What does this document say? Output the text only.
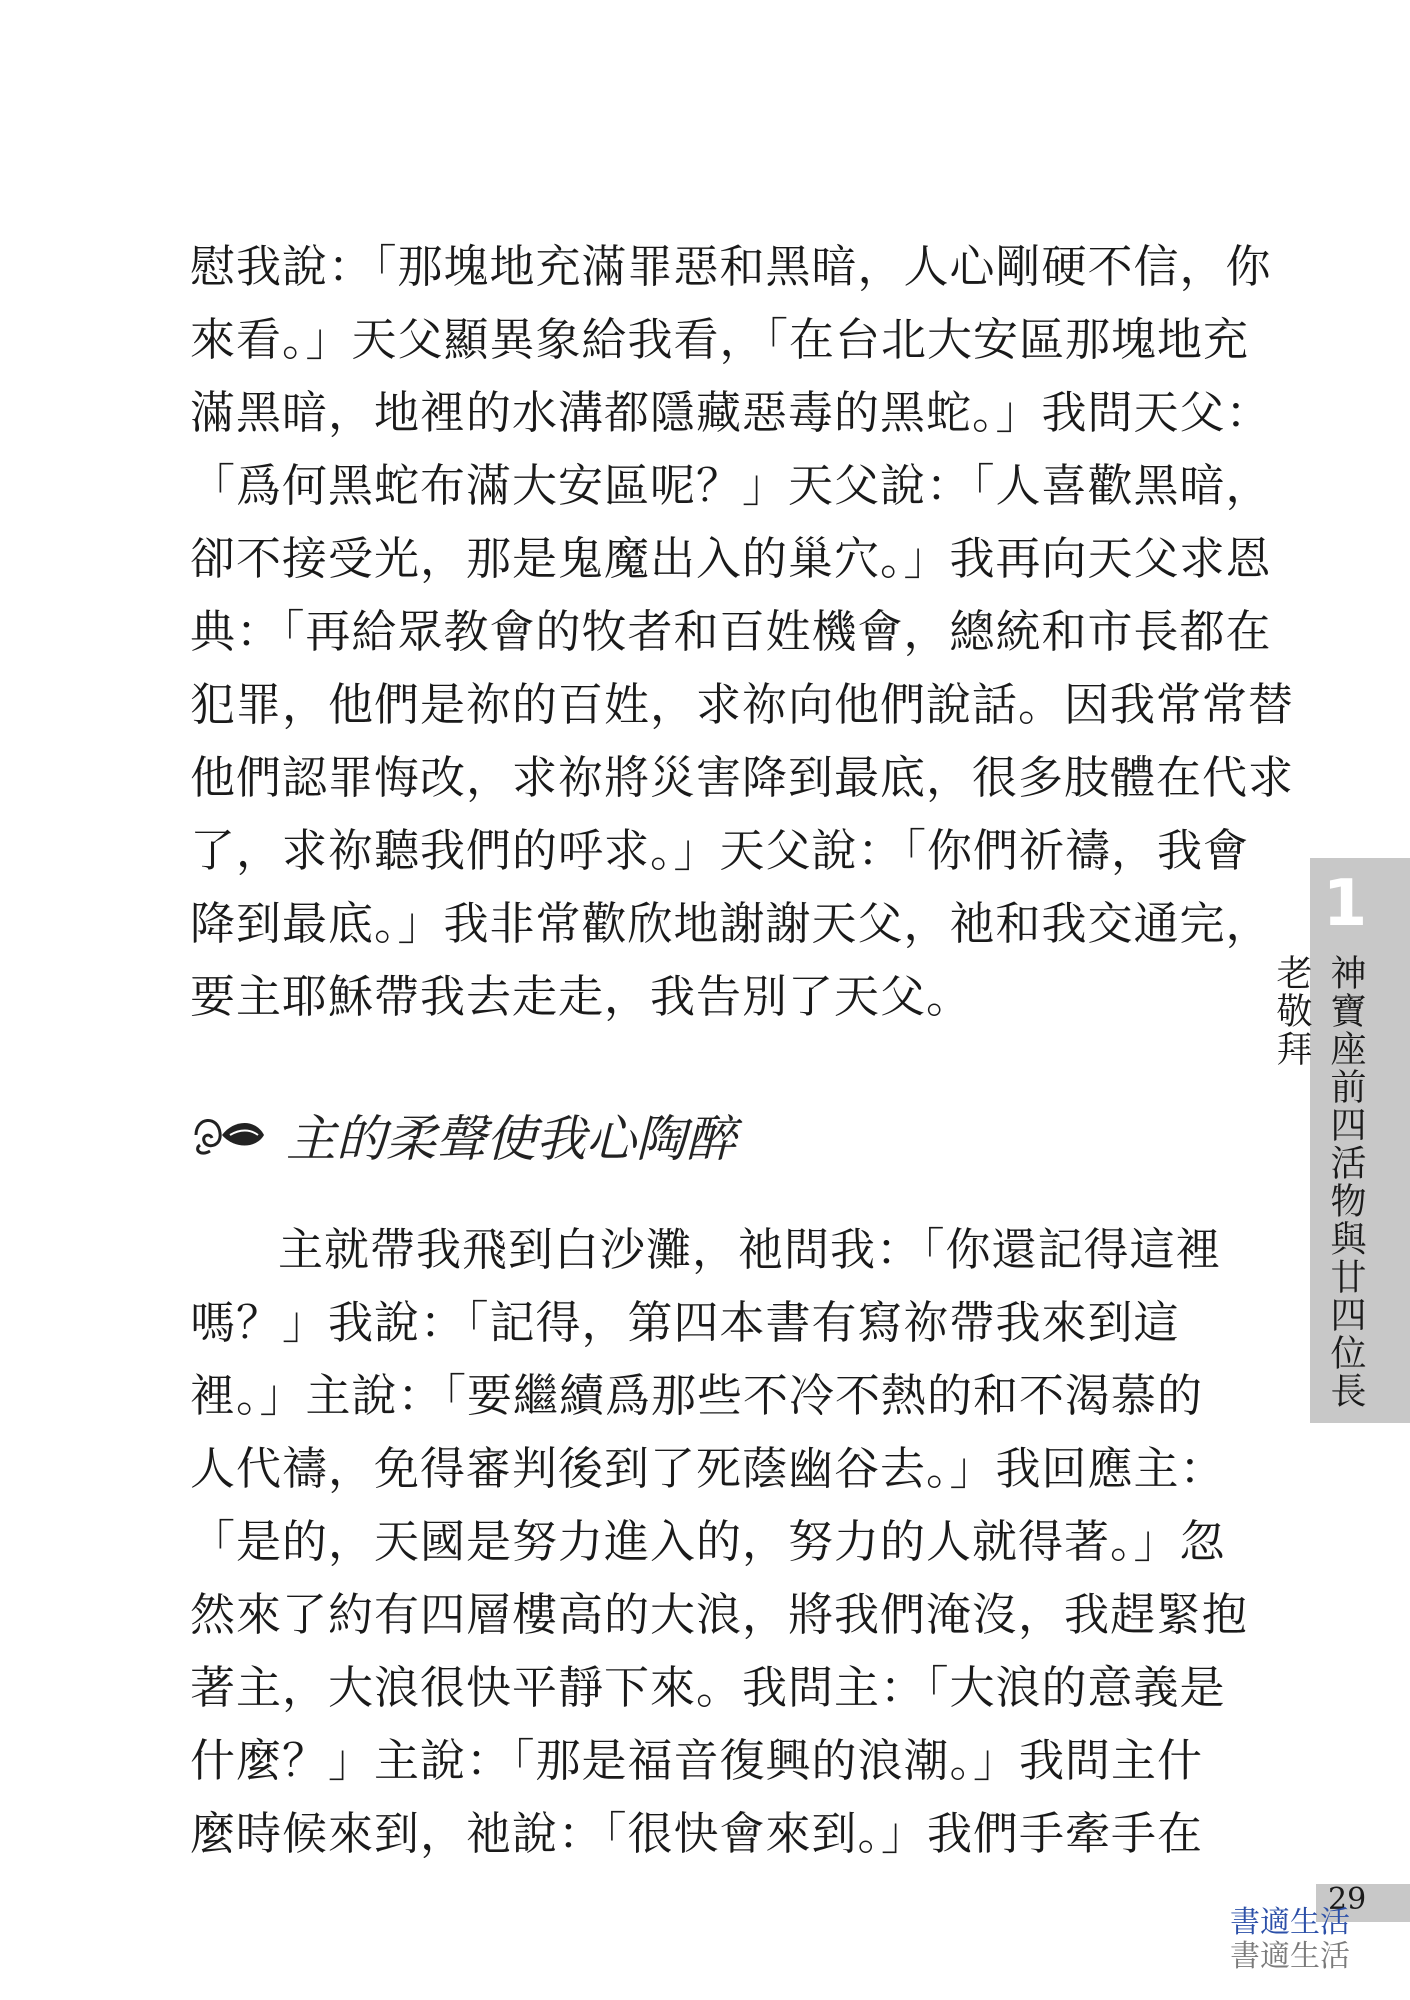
慰我說：「那塊地充滿罪惡和黑暗，人心剛硬不信，你
來看。」天父顯異象給我看，「在台北大安區那塊地充
滿黑暗，地裡的水溝都隱藏惡毒的黑蛇。」我問天父：
「爲何黑蛇布滿大安區呢？」天父說：「人喜歡黑暗，
卻不接受光，那是鬼魔出入的巢穴。」我再向天父求恩
典：「再給眾教會的牧者和百姓機會，總統和市長都在
犯罪，他們是祢的百姓，求祢向他們說話。因我常常替
他們認罪悔改，求祢將災害降到最底，很多肢體在代求
了，求祢聽我們的呼求。」天父說：「你們祈禱，我會
降到最底。」我非常歡欣地謝謝天父，祂和我交通完，
要主耶穌帶我去走走，我告別了天父。
主的柔聲使我心陶醉
主就帶我飛到白沙灘，祂問我：「你還記得這裡
嗎？」我說：「記得，第四本書有寫祢帶我來到這
裡。」主說：「要繼續爲那些不冷不熱的和不渴慕的
人代禱，免得審判後到了死蔭幽谷去。」我回應主：
「是的，天國是努力進入的，努力的人就得著。」忽
然來了約有四層樓高的大浪，將我們淹沒，我趕緊抱
著主，大浪很快平靜下來。我問主：「大浪的意義是
什麼？」主說：「那是福音復興的浪潮。」我問主什
麼時候來到，祂說：「很快會來到。」我們手牽手在
1
神寶座前四活物與廿四位長老敬拜
29
書適生活
書適生活
